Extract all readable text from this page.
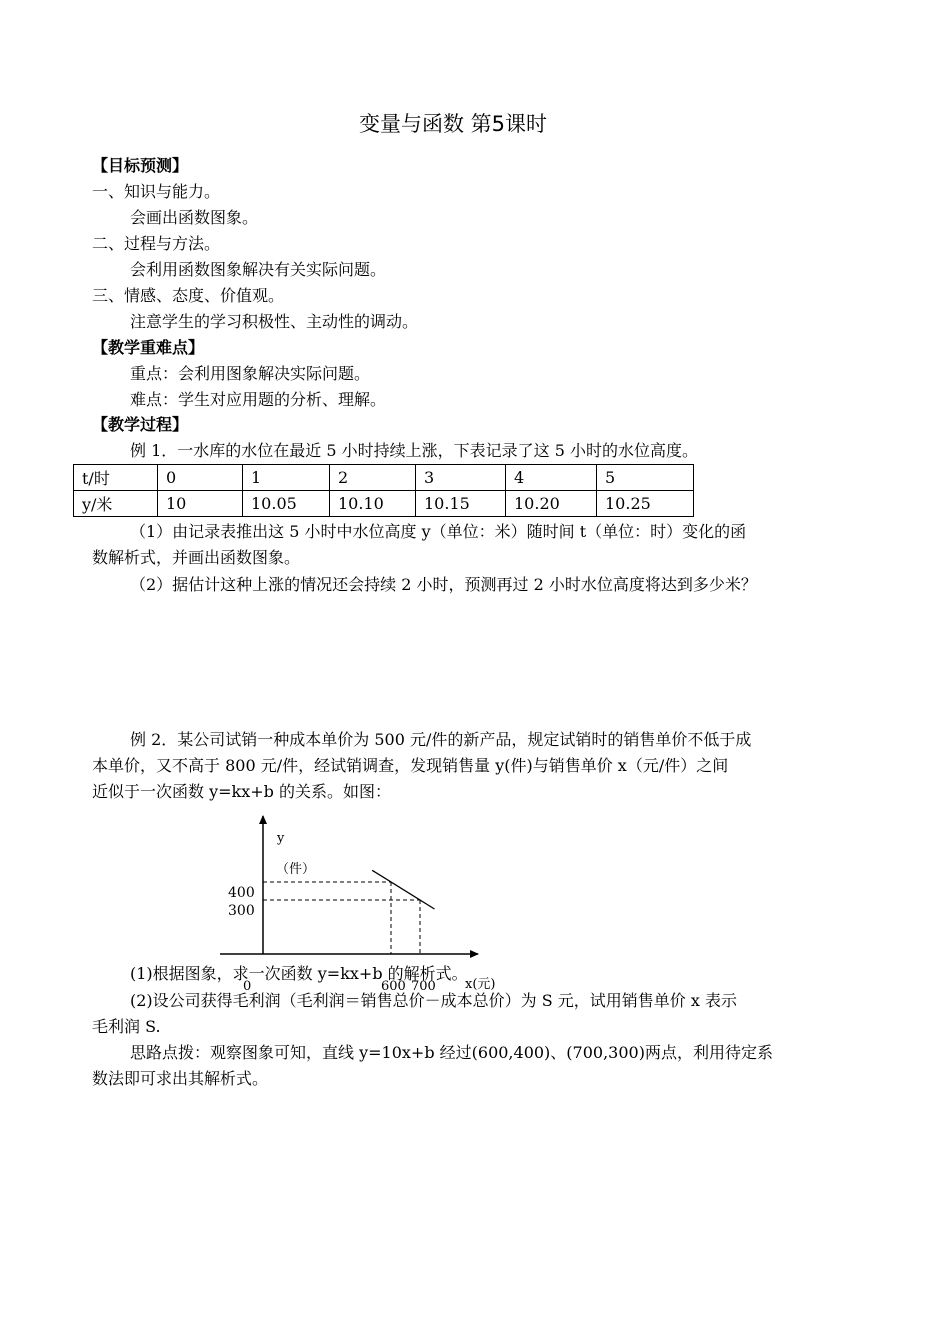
变量与函数 第5课时
【目标预测】
一、知识与能力。
会画出函数图象。
二、过程与方法。
会利用函数图象解决有关实际问题。
三、情感、态度、价值观。
注意学生的学习积极性、主动性的调动。
【教学重难点】
重点：会利用图象解决实际问题。
难点：学生对应用题的分析、理解。
【教学过程】
例 1．一水库的水位在最近 5 小时持续上涨，下表记录了这 5 小时的水位高度。
t/时	0	1	2	3	4	5
y/米	10	10.05	10.10	10.15	10.20	10.25
（1）由记录表推出这 5 小时中水位高度 y（单位：米）随时间 t（单位：时）变化的函
数解析式，并画出函数图象。
（2）据估计这种上涨的情况还会持续 2 小时，预测再过 2 小时水位高度将达到多少米？
例 2．某公司试销一种成本单价为 500 元/件的新产品，规定试销时的销售单价不低于成
本单价，又不高于 800 元/件，经试销调查，发现销售量 y(件)与销售单价 x（元/件）之间
近似于一次函数 y=kx+b 的关系。如图：
y
（件）
0	x(元)
400
300
600 700
(1)根据图象，求一次函数 y=kx+b 的解析式。
(2)设公司获得毛利润（毛利润＝销售总价－成本总价）为 S 元，试用销售单价 x 表示
毛利润 S.
思路点拨：观察图象可知，直线 y=10x+b 经过(600,400)、(700,300)两点，利用待定系
数法即可求出其解析式。
